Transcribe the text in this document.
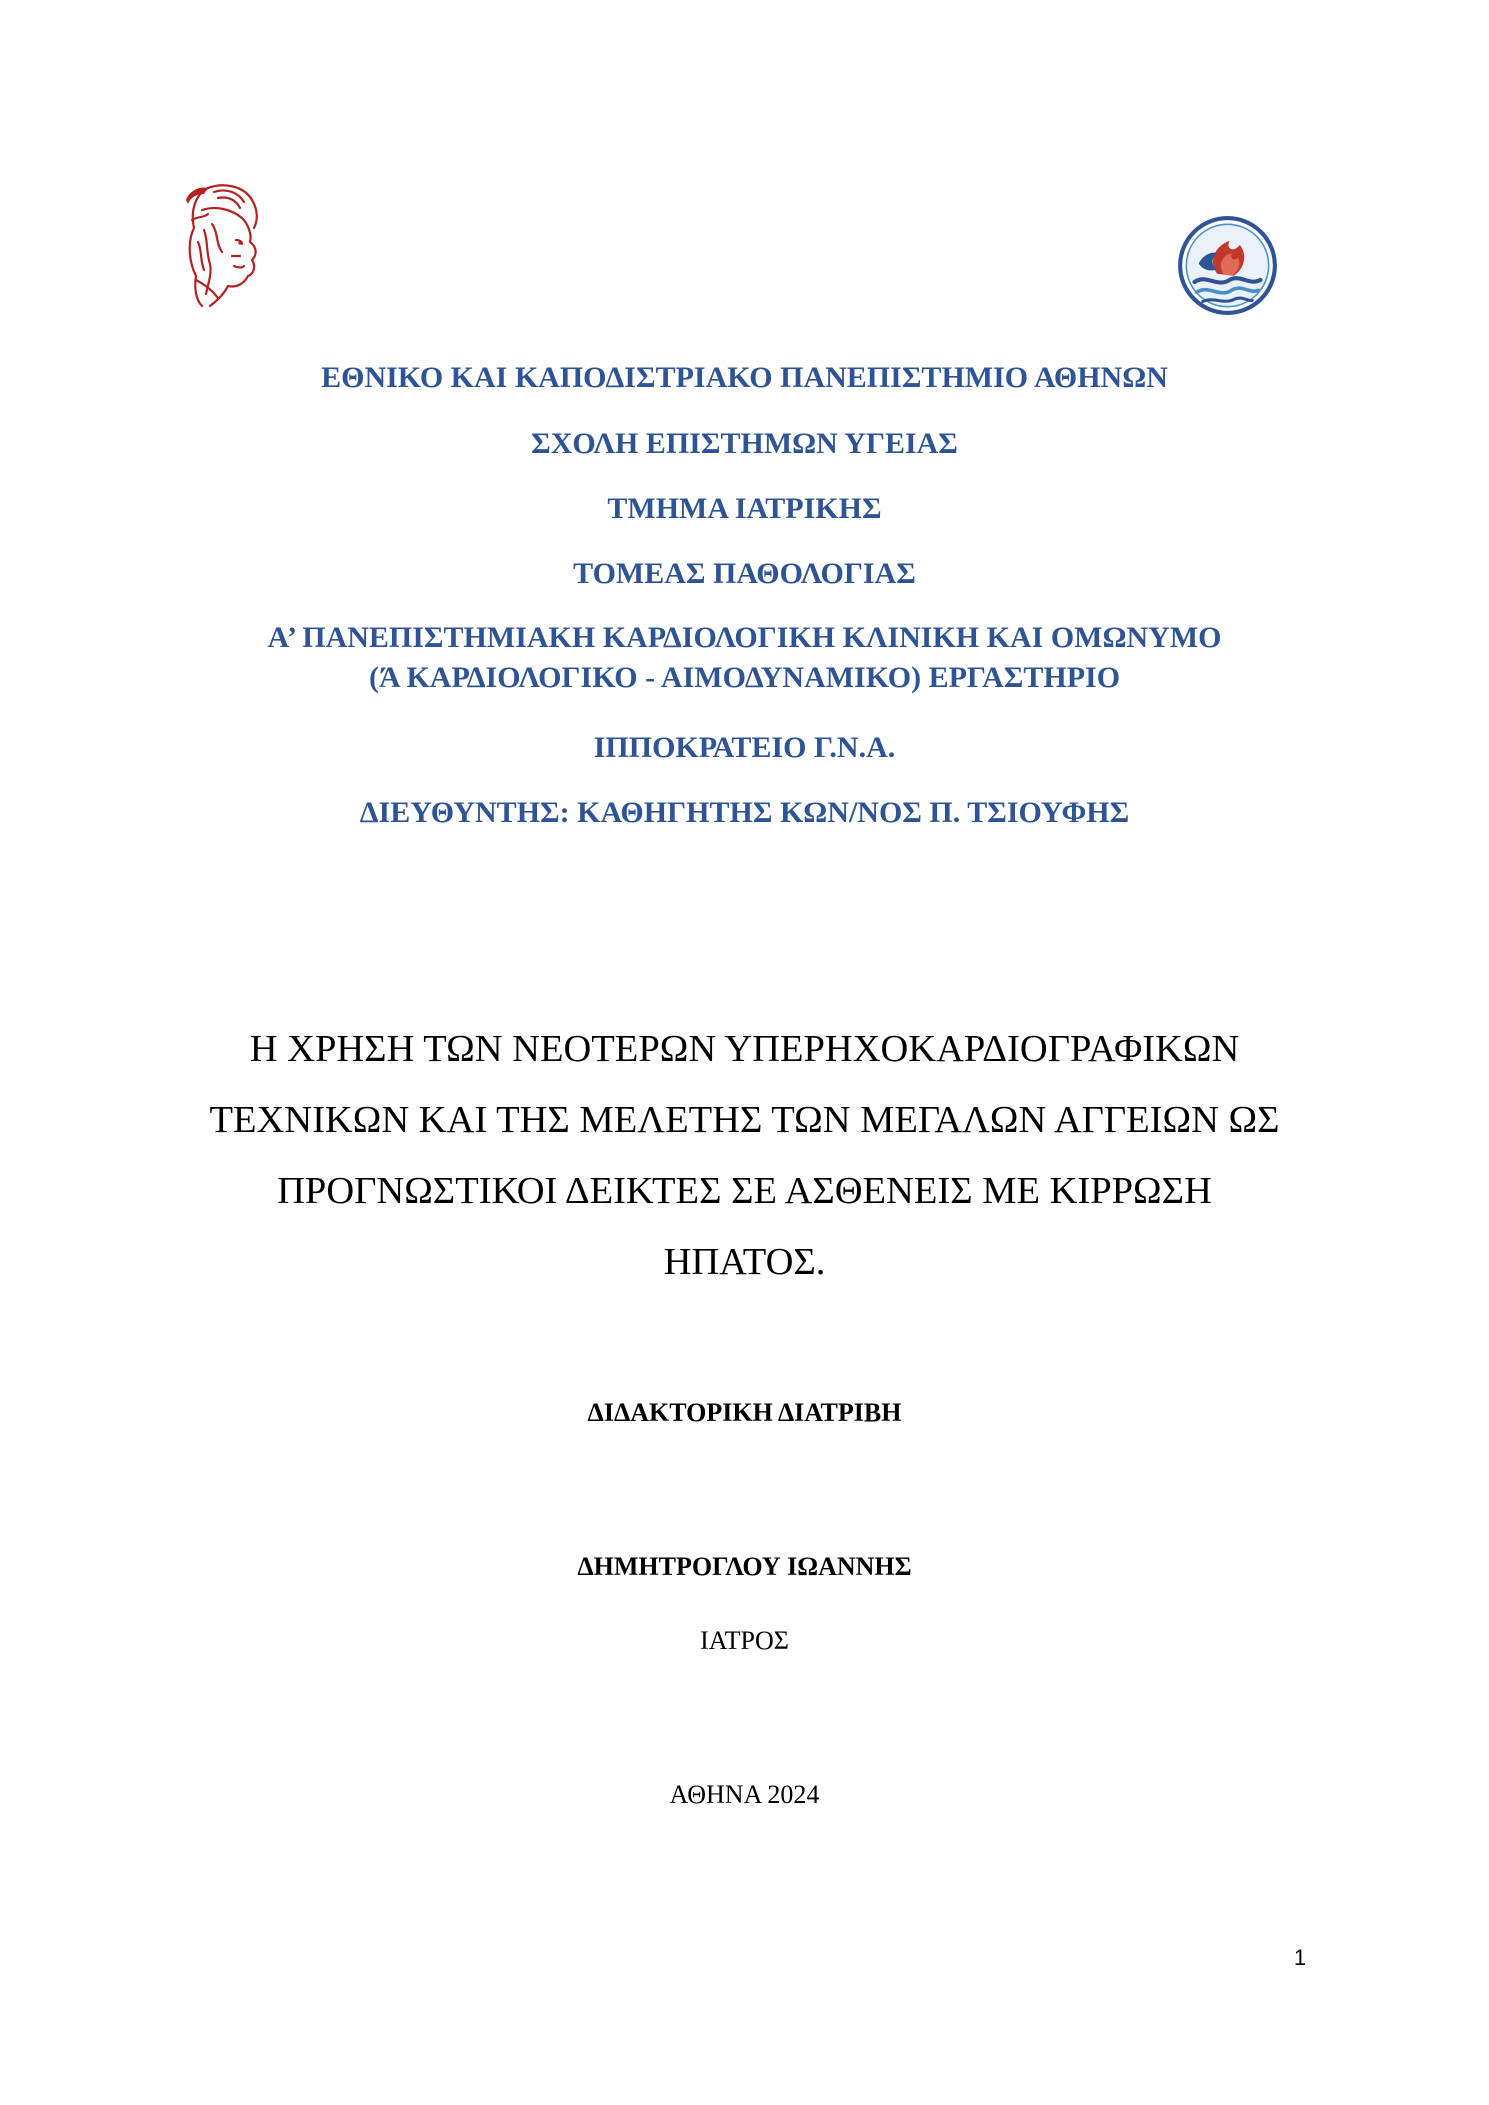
ΕΘΝΙΚΟ ΚΑΙ ΚΑΠΟΔΙΣΤΡΙΑΚΟ ΠΑΝΕΠΙΣΤΗΜΙΟ ΑΘΗΝΩΝ
ΣΧΟΛΗ ΕΠΙΣΤΗΜΩΝ ΥΓΕΙΑΣ
ΤΜΗΜΑ ΙΑΤΡΙΚΗΣ
ΤΟΜΕΑΣ ΠΑΘΟΛΟΓΙΑΣ
Α’ ΠΑΝΕΠΙΣΤΗΜΙΑΚΗ ΚΑΡΔΙΟΛΟΓΙΚΗ ΚΛΙΝΙΚΗ ΚΑΙ ΟΜΩΝΥΜΟ
(Ά ΚΑΡΔΙΟΛΟΓΙΚΟ - ΑΙΜΟΔΥΝΑΜΙΚΟ) ΕΡΓΑΣΤΗΡΙΟ
ΙΠΠΟΚΡΑΤΕΙΟ Γ.Ν.Α.
ΔΙΕΥΘΥΝΤΗΣ: ΚΑΘΗΓΗΤΗΣ ΚΩΝ/ΝΟΣ Π. ΤΣΙΟΥΦΗΣ
Η ΧΡΗΣΗ ΤΩΝ ΝΕΟΤΕΡΩΝ ΥΠΕΡΗΧΟΚΑΡΔΙΟΓΡΑΦΙΚΩΝ
ΤΕΧΝΙΚΩΝ ΚΑΙ ΤΗΣ ΜΕΛΕΤΗΣ ΤΩΝ ΜΕΓΑΛΩΝ ΑΓΓΕΙΩΝ ΩΣ
ΠΡΟΓΝΩΣΤΙΚΟΙ ΔΕΙΚΤΕΣ ΣΕ ΑΣΘΕΝΕΙΣ ΜΕ ΚΙΡΡΩΣΗ
ΗΠΑΤΟΣ.
ΔΙΔΑΚΤΟΡΙΚΗ ΔΙΑΤΡΙΒΗ
ΔΗΜΗΤΡΟΓΛΟΥ ΙΩΑΝΝΗΣ
ΙΑΤΡΟΣ
ΑΘΗΝΑ 2024
1
